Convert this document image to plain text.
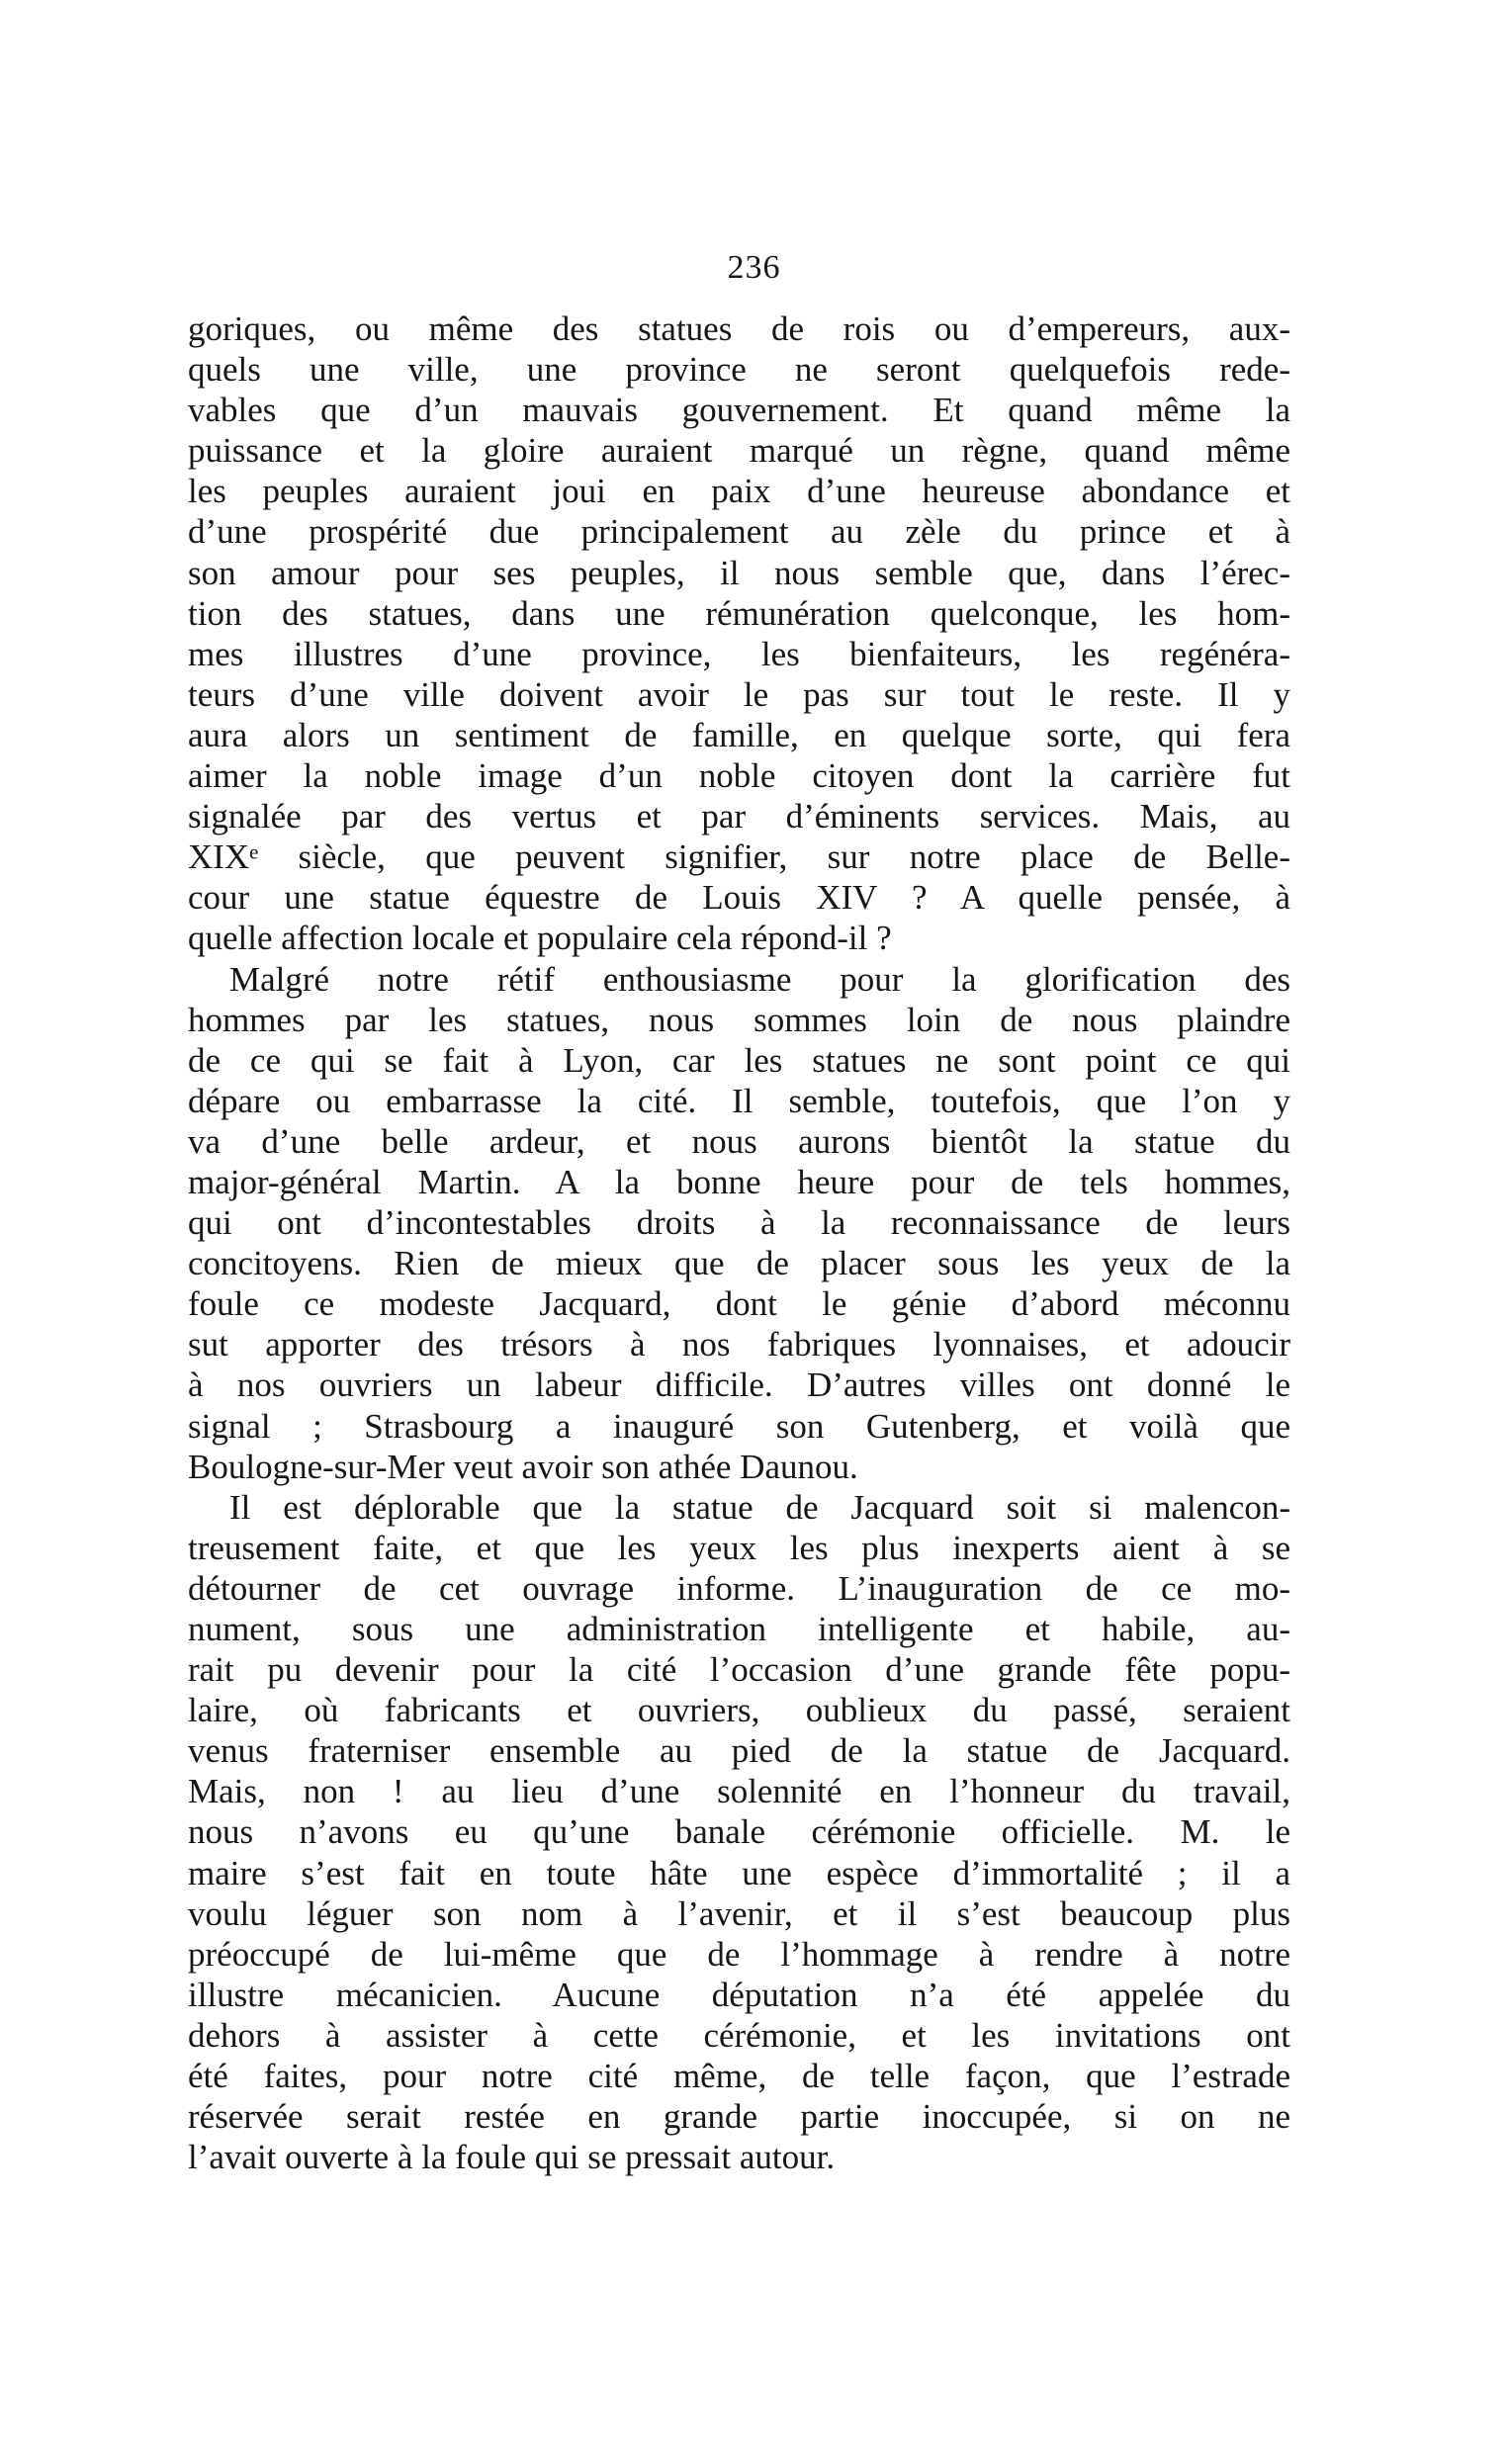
236
goriques, ou même des statues de rois ou d’empereurs, aux-
quels une ville, une province ne seront quelquefois rede-
vables que d’un mauvais gouvernement. Et quand même la
puissance et la gloire auraient marqué un règne, quand même
les peuples auraient joui en paix d’une heureuse abondance et
d’une prospérité due principalement au zèle du prince et à
son amour pour ses peuples, il nous semble que, dans l’érec-
tion des statues, dans une rémunération quelconque, les hom-
mes illustres d’une province, les bienfaiteurs, les regénéra-
teurs d’une ville doivent avoir le pas sur tout le reste. Il y
aura alors un sentiment de famille, en quelque sorte, qui fera
aimer la noble image d’un noble citoyen dont la carrière fut
signalée par des vertus et par d’éminents services. Mais, au
XIXᵉ siècle, que peuvent signifier, sur notre place de Belle-
cour une statue équestre de Louis XIV ? A quelle pensée, à
quelle affection locale et populaire cela répond-il ?
Malgré notre rétif enthousiasme pour la glorification des
hommes par les statues, nous sommes loin de nous plaindre
de ce qui se fait à Lyon, car les statues ne sont point ce qui
dépare ou embarrasse la cité. Il semble, toutefois, que l’on y
va d’une belle ardeur, et nous aurons bientôt la statue du
major-général Martin. A la bonne heure pour de tels hommes,
qui ont d’incontestables droits à la reconnaissance de leurs
concitoyens. Rien de mieux que de placer sous les yeux de la
foule ce modeste Jacquard, dont le génie d’abord méconnu
sut apporter des trésors à nos fabriques lyonnaises, et adoucir
à nos ouvriers un labeur difficile. D’autres villes ont donné le
signal ; Strasbourg a inauguré son Gutenberg, et voilà que
Boulogne-sur-Mer veut avoir son athée Daunou.
Il est déplorable que la statue de Jacquard soit si malencon-
treusement faite, et que les yeux les plus inexperts aient à se
détourner de cet ouvrage informe. L’inauguration de ce mo-
nument, sous une administration intelligente et habile, au-
rait pu devenir pour la cité l’occasion d’une grande fête popu-
laire, où fabricants et ouvriers, oublieux du passé, seraient
venus fraterniser ensemble au pied de la statue de Jacquard.
Mais, non ! au lieu d’une solennité en l’honneur du travail,
nous n’avons eu qu’une banale cérémonie officielle. M. le
maire s’est fait en toute hâte une espèce d’immortalité ; il a
voulu léguer son nom à l’avenir, et il s’est beaucoup plus
préoccupé de lui-même que de l’hommage à rendre à notre
illustre mécanicien. Aucune députation n’a été appelée du
dehors à assister à cette cérémonie, et les invitations ont
été faites, pour notre cité même, de telle façon, que l’estrade
réservée serait restée en grande partie inoccupée, si on ne
l’avait ouverte à la foule qui se pressait autour.
